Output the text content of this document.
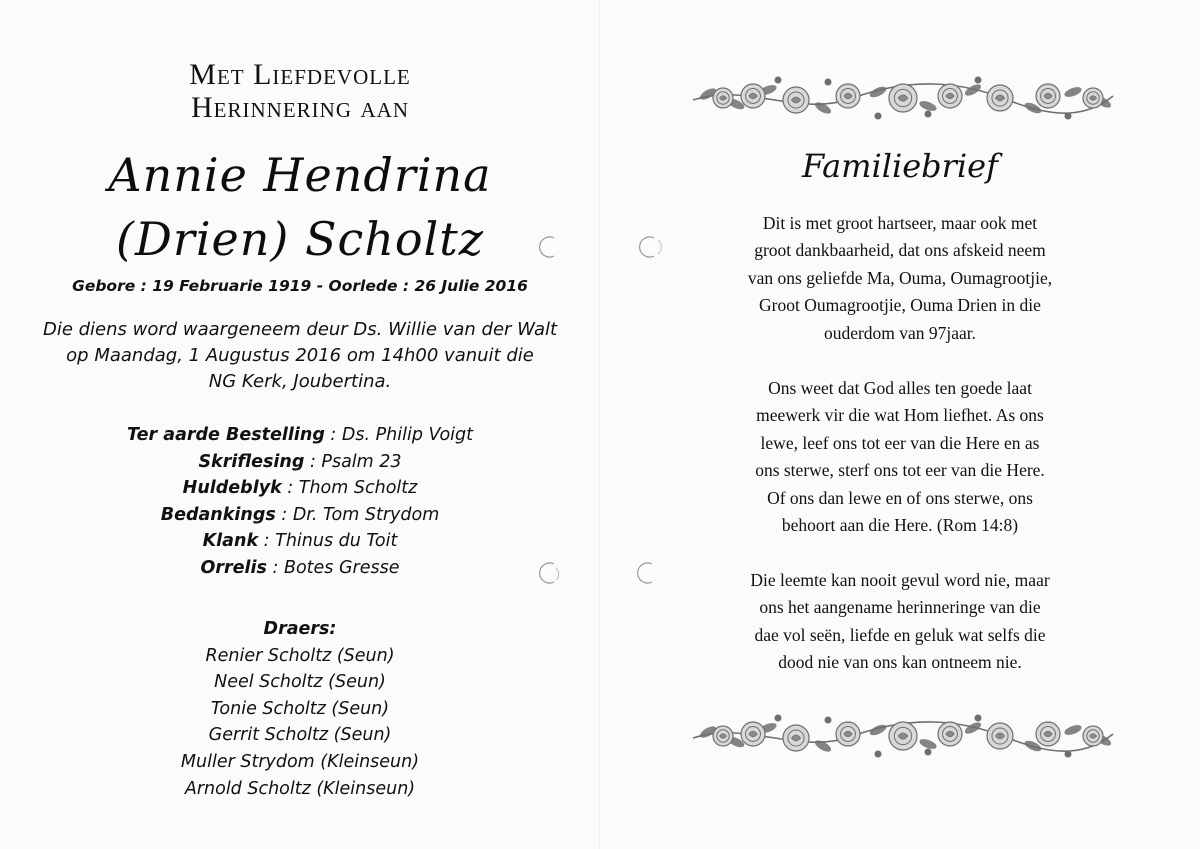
Met Liefdevolle
Herinnering aan
Annie Hendrina
(Drien) Scholtz
Gebore : 19 Februarie 1919 - Oorlede : 26 Julie 2016
Die diens word waargeneem deur Ds. Willie van der Walt
op Maandag, 1 Augustus 2016 om 14h00 vanuit die
NG Kerk, Joubertina.
Ter aarde Bestelling : Ds. Philip Voigt
Skriflesing : Psalm 23
Huldeblyk : Thom Scholtz
Bedankings : Dr. Tom Strydom
Klank : Thinus du Toit
Orrelis : Botes Gresse
Draers:
Renier Scholtz (Seun)
Neel Scholtz (Seun)
Tonie Scholtz (Seun)
Gerrit Scholtz (Seun)
Muller Strydom (Kleinseun)
Arnold Scholtz (Kleinseun)
Familiebrief
Dit is met groot hartseer, maar ook met
groot dankbaarheid, dat ons afskeid neem
van ons geliefde Ma, Ouma, Oumagrootjie,
Groot Oumagrootjie, Ouma Drien in die
ouderdom van 97jaar.
Ons weet dat God alles ten goede laat
meewerk vir die wat Hom liefhet. As ons
lewe, leef ons tot eer van die Here en as
ons sterwe, sterf ons tot eer van die Here.
Of ons dan lewe en of ons sterwe, ons
behoort aan die Here. (Rom 14:8)
Die leemte kan nooit gevul word nie, maar
ons het aangename herinneringe van die
dae vol seën, liefde en geluk wat selfs die
dood nie van ons kan ontneem nie.
